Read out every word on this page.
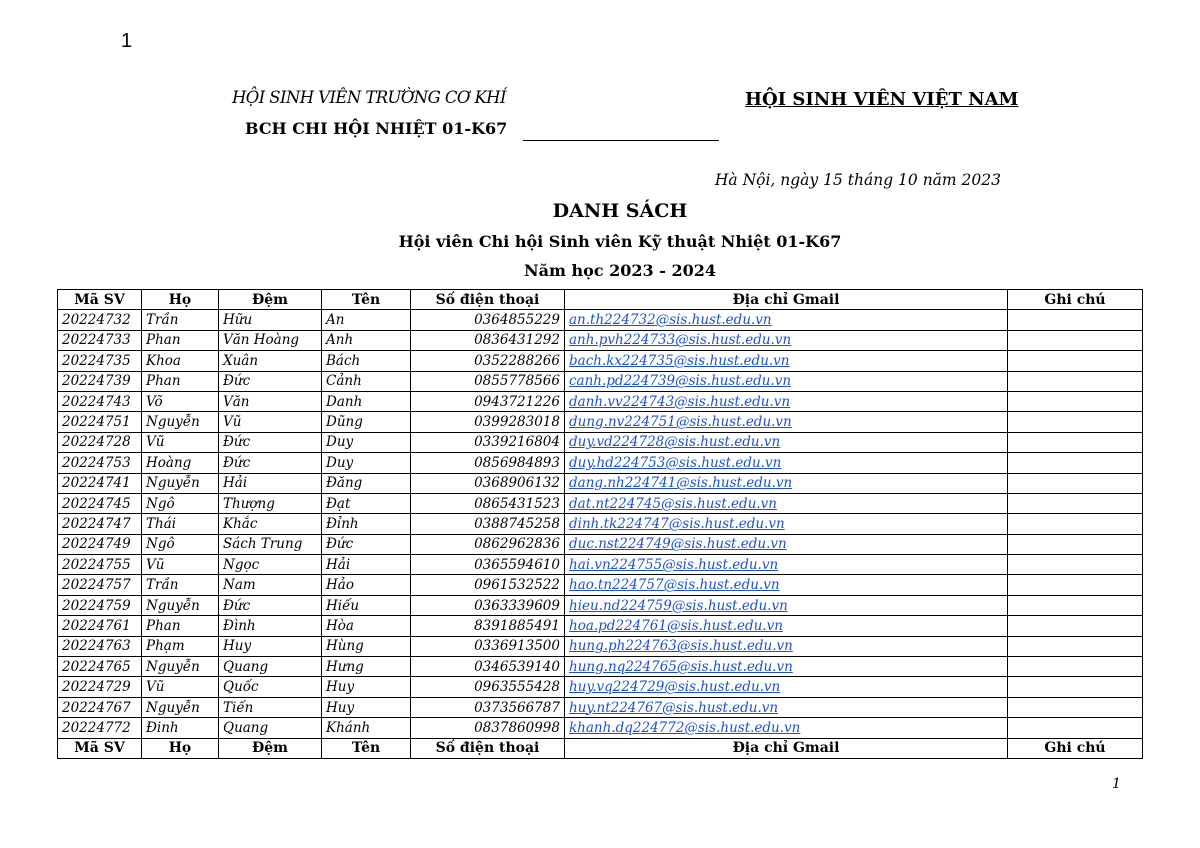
1
HỘI SINH VIÊN TRƯỜNG CƠ KHÍ
BCH CHI HỘI NHIỆT 01-K67
HỘI SINH VIÊN VIỆT NAM
Hà Nội, ngày 15 tháng 10 năm 2023
DANH SÁCH
Hội viên Chi hội Sinh viên Kỹ thuật Nhiệt 01-K67
Năm học 2023 - 2024
Mã SV	Họ	Đệm	Tên	Số điện thoại	Địa chỉ Gmail	Ghi chú
20224732	Trần	Hữu	An	0364855229	an.th224732@sis.hust.edu.vn	
20224733	Phan	Văn Hoàng	Anh	0836431292	anh.pvh224733@sis.hust.edu.vn	
20224735	Khoa	Xuân	Bách	0352288266	bach.kx224735@sis.hust.edu.vn	
20224739	Phan	Đức	Cảnh	0855778566	canh.pd224739@sis.hust.edu.vn	
20224743	Võ	Văn	Danh	0943721226	danh.vv224743@sis.hust.edu.vn	
20224751	Nguyễn	Vũ	Dũng	0399283018	dung.nv224751@sis.hust.edu.vn	
20224728	Vũ	Đức	Duy	0339216804	duy.vd224728@sis.hust.edu.vn	
20224753	Hoàng	Đức	Duy	0856984893	duy.hd224753@sis.hust.edu.vn	
20224741	Nguyễn	Hải	Đăng	0368906132	dang.nh224741@sis.hust.edu.vn	
20224745	Ngô	Thượng	Đạt	0865431523	dat.nt224745@sis.hust.edu.vn	
20224747	Thái	Khắc	Đỉnh	0388745258	dinh.tk224747@sis.hust.edu.vn	
20224749	Ngô	Sách Trung	Đức	0862962836	duc.nst224749@sis.hust.edu.vn	
20224755	Vũ	Ngọc	Hải	0365594610	hai.vn224755@sis.hust.edu.vn	
20224757	Trần	Nam	Hảo	0961532522	hao.tn224757@sis.hust.edu.vn	
20224759	Nguyễn	Đức	Hiếu	0363339609	hieu.nd224759@sis.hust.edu.vn	
20224761	Phan	Đình	Hòa	8391885491	hoa.pd224761@sis.hust.edu.vn	
20224763	Phạm	Huy	Hùng	0336913500	hung.ph224763@sis.hust.edu.vn	
20224765	Nguyễn	Quang	Hưng	0346539140	hung.nq224765@sis.hust.edu.vn	
20224729	Vũ	Quốc	Huy	0963555428	huy.vq224729@sis.hust.edu.vn	
20224767	Nguyễn	Tiến	Huy	0373566787	huy.nt224767@sis.hust.edu.vn	
20224772	Đinh	Quang	Khánh	0837860998	khanh.dq224772@sis.hust.edu.vn	
Mã SV	Họ	Đệm	Tên	Số điện thoại	Địa chỉ Gmail	Ghi chú
1
